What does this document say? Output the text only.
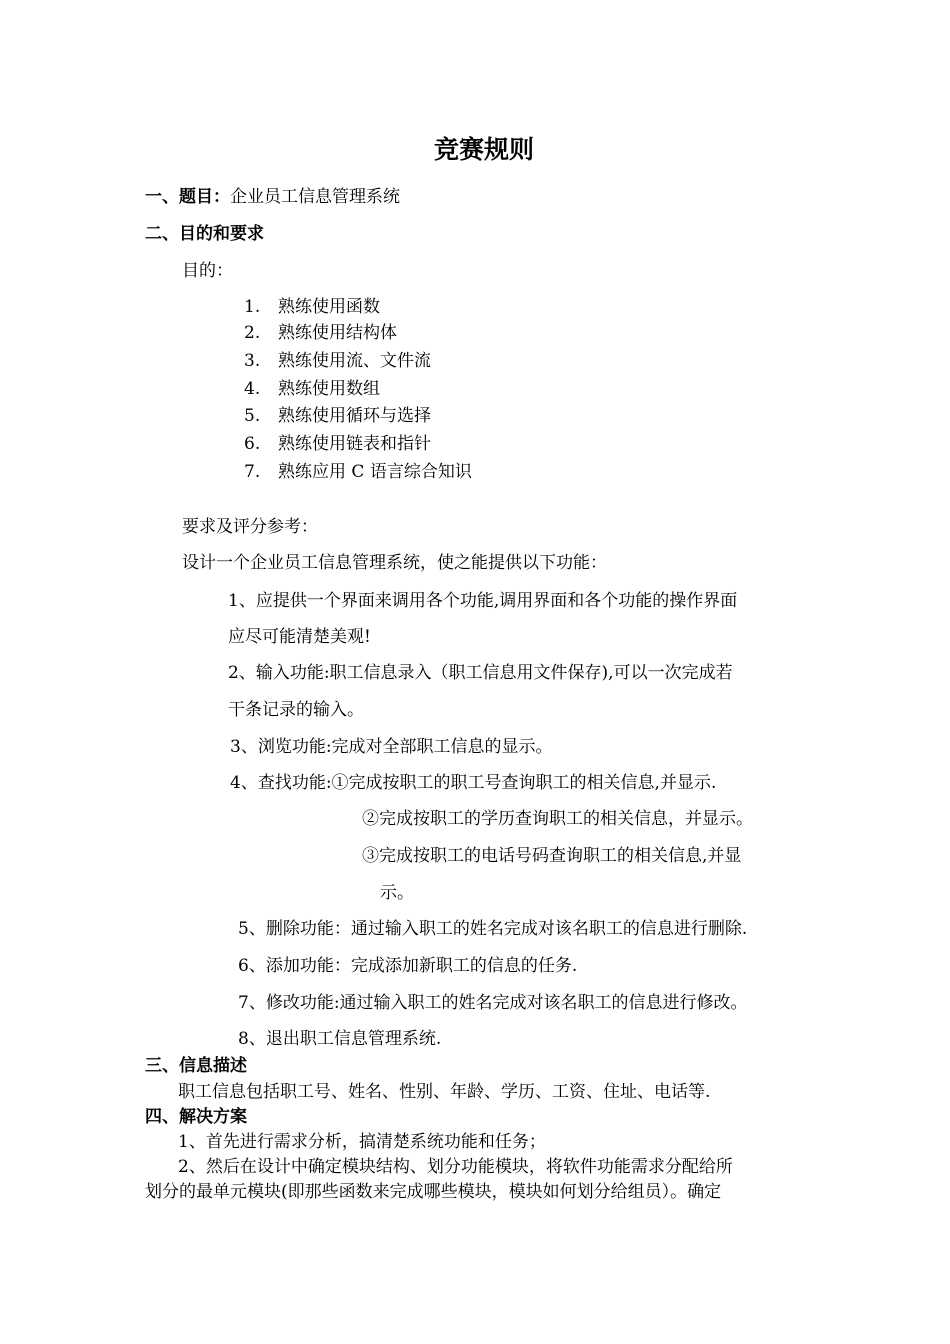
竞赛规则
一、题目：企业员工信息管理系统
二、目的和要求
目的：
1. 熟练使用函数
2. 熟练使用结构体
3. 熟练使用流、文件流
4. 熟练使用数组
5. 熟练使用循环与选择
6. 熟练使用链表和指针
7. 熟练应用 C 语言综合知识
要求及评分参考：
设计一个企业员工信息管理系统，使之能提供以下功能：
1、应提供一个界面来调用各个功能,调用界面和各个功能的操作界面
应尽可能清楚美观!
2、输入功能:职工信息录入（职工信息用文件保存),可以一次完成若
干条记录的输入。
3、浏览功能:完成对全部职工信息的显示。
4、查找功能:①完成按职工的职工号查询职工的相关信息,并显示.
②完成按职工的学历查询职工的相关信息，并显示。
③完成按职工的电话号码查询职工的相关信息,并显
示。
5、删除功能：通过输入职工的姓名完成对该名职工的信息进行删除.
6、添加功能：完成添加新职工的信息的任务.
7、修改功能:通过输入职工的姓名完成对该名职工的信息进行修改。
8、退出职工信息管理系统.
三、信息描述
职工信息包括职工号、姓名、性别、年龄、学历、工资、住址、电话等.
四、解决方案
1、首先进行需求分析，搞清楚系统功能和任务；
2、然后在设计中确定模块结构、划分功能模块，将软件功能需求分配给所
划分的最单元模块(即那些函数来完成哪些模块，模块如何划分给组员）。确定
